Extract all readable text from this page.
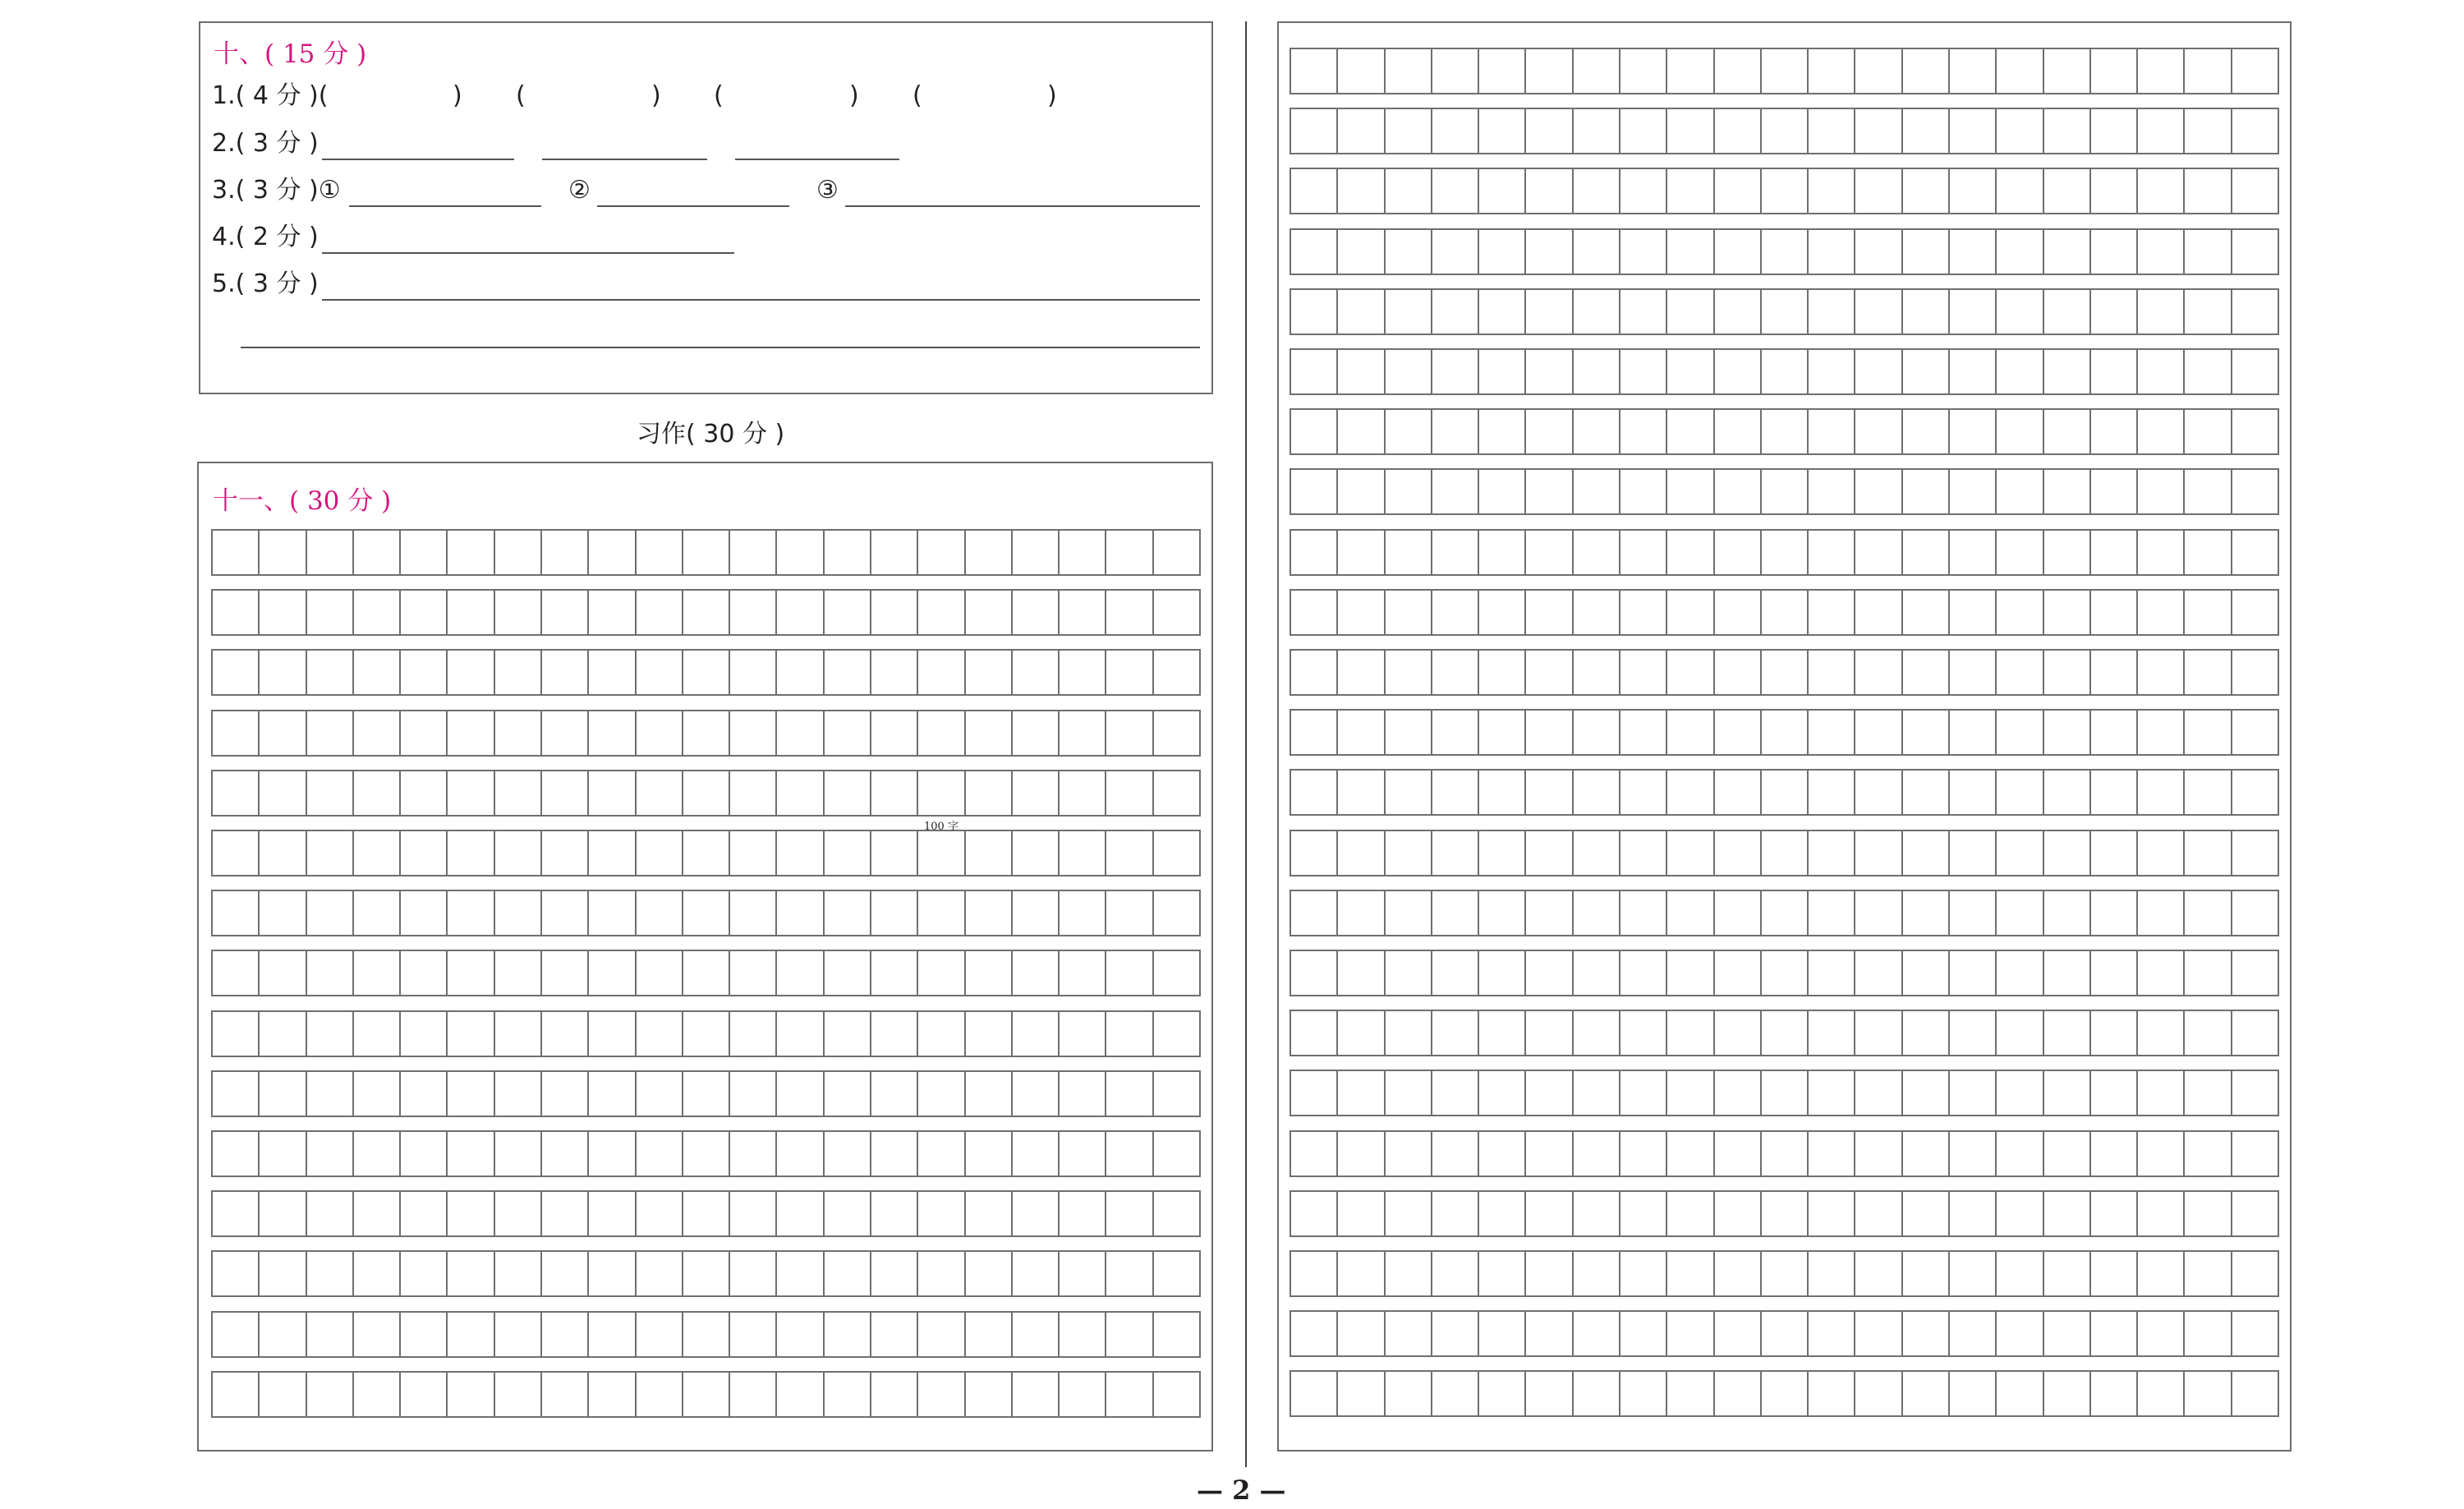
十、( 15 分 )
1.( 4 分 )(	) (	) (	) (	)
2.( 3 分 )
3.( 3 分 )①	②	③
4.( 2 分 )
5.( 3 分 )
习作( 30 分 )
十一、( 30 分 )
100 字
— 2 —
